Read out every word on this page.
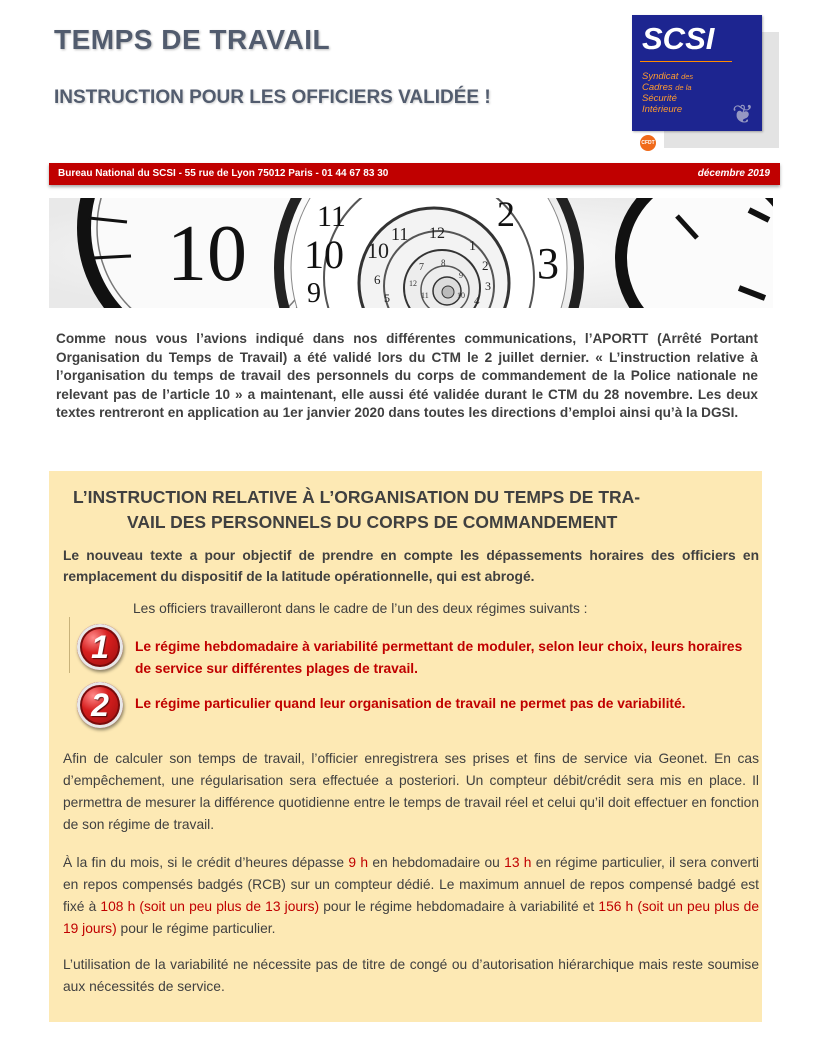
TEMPS DE TRAVAIL
INSTRUCTION POUR LES OFFICIERS VALIDÉE !
SCSI
Syndicat des
Cadres de la
Sécurité
Intérieure	❦
CFDT
Bureau National du SCSI - 55 rue de Lyon 75012 Paris - 01 44 67 83 30	décembre 2019
10 10
11	2
3
9
10
11 12
1
2
3
4
5
6
7 8
9
10
11
12
Comme nous vous l’avions indiqué dans nos différentes communications, l’APORTT (Arrêté Portant Organisation du Temps de Travail) a été validé lors du CTM le 2 juillet dernier. « L’instruction relative à l’organisation du temps de travail des personnels du corps de commandement de la Police nationale ne relevant pas de l’article 10 » a maintenant, elle aussi été validée durant le CTM du 28 novembre. Les deux textes rentreront en application au 1er janvier 2020 dans toutes les directions d’emploi ainsi qu’à la DGSI.
L’INSTRUCTION RELATIVE À L’ORGANISATION DU TEMPS DE TRA-
VAIL DES PERSONNELS DU CORPS DE COMMANDEMENT
Le nouveau texte a pour objectif de prendre en compte les dépassements horaires des officiers en remplacement du dispositif de la latitude opérationnelle, qui est abrogé.
Les officiers travailleront dans le cadre de l’un des deux régimes suivants :
1	Le régime hebdomadaire à variabilité permettant de moduler, selon leur choix, leurs horaires de service sur différentes plages de travail.
2	Le régime particulier quand leur organisation de travail ne permet pas de variabilité.
Afin de calculer son temps de travail, l’officier enregistrera ses prises et fins de service via Geonet. En cas d’empêchement, une régularisation sera effectuée a posteriori. Un compteur débit/crédit sera mis en place. Il permettra de mesurer la différence quotidienne entre le temps de travail réel et celui qu’il doit effectuer en fonction de son régime de travail.
À la fin du mois, si le crédit d’heures dépasse 9 h en hebdomadaire ou 13 h en régime particulier, il sera converti en repos compensés badgés (RCB) sur un compteur dédié. Le maximum annuel de repos compensé badgé est fixé à 108 h (soit un peu plus de 13 jours) pour le régime hebdomadaire à variabilité et 156 h (soit un peu plus de 19 jours) pour le régime particulier.
L’utilisation de la variabilité ne nécessite pas de titre de congé ou d’autorisation hiérarchique mais reste soumise aux nécessités de service.
